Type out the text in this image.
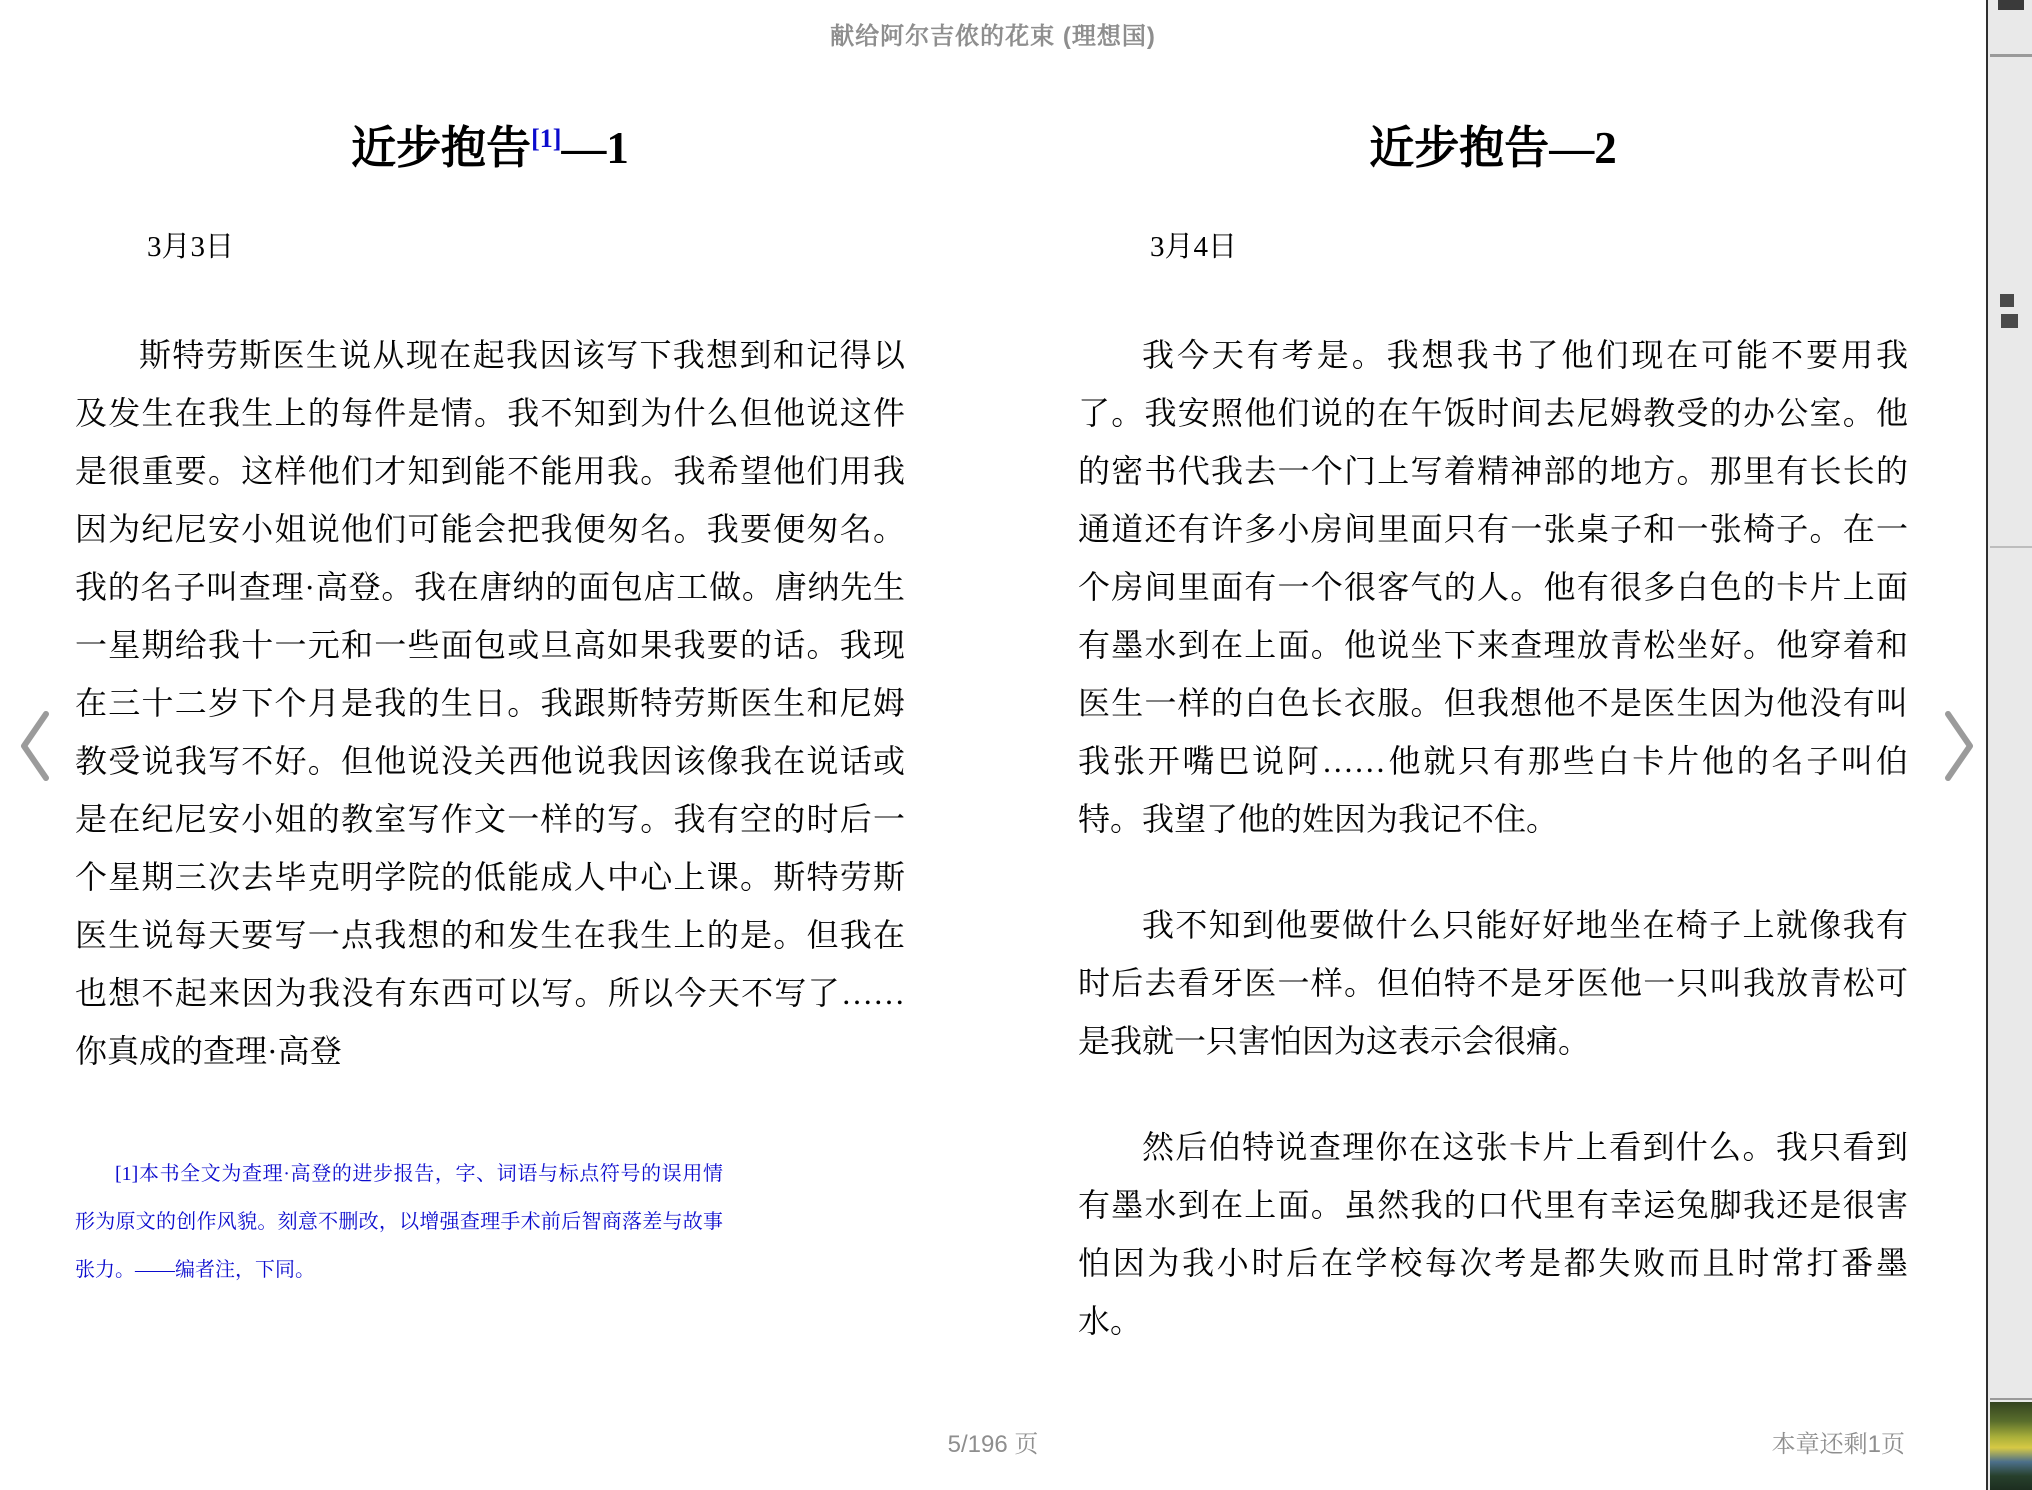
献给阿尔吉侬的花束 (理想国)
近步抱告[1]—1
3月3日

斯特劳斯医生说从现在起我因该写下我想到和记得以及发生在我生上的每件是情。我不知到为什么但他说这件是很重要。这样他们才知到能不能用我。我希望他们用我因为纪尼安小姐说他们可能会把我便匆名。我要便匆名。我的名子叫查理·高登。我在唐纳的面包店工做。唐纳先生一星期给我十一元和一些面包或旦高如果我要的话。我现在三十二岁下个月是我的生日。我跟斯特劳斯医生和尼姆教受说我写不好。但他说没关西他说我因该像我在说话或是在纪尼安小姐的教室写作文一样的写。我有空的时后一个星期三次去毕克明学院的低能成人中心上课。斯特劳斯医生说每天要写一点我想的和发生在我生上的是。但我在也想不起来因为我没有东西可以写。所以今天不写了……你真成的查理·高登

[1]本书全文为查理·高登的进步报告，字、词语与标点符号的误用情形为原文的创作风貌。刻意不删改，以增强查理手术前后智商落差与故事张力。——编者注，下同。
近步抱告—2
3月4日

我今天有考是。我想我书了他们现在可能不要用我了。我安照他们说的在午饭时间去尼姆教受的办公室。他的密书代我去一个门上写着精神部的地方。那里有长长的通道还有许多小房间里面只有一张桌子和一张椅子。在一个房间里面有一个很客气的人。他有很多白色的卡片上面有墨水到在上面。他说坐下来查理放青松坐好。他穿着和医生一样的白色长衣服。但我想他不是医生因为他没有叫我张开嘴巴说阿……他就只有那些白卡片他的名子叫伯特。我望了他的姓因为我记不住。

我不知到他要做什么只能好好地坐在椅子上就像我有时后去看牙医一样。但伯特不是牙医他一只叫我放青松可是我就一只害怕因为这表示会很痛。

然后伯特说查理你在这张卡片上看到什么。我只看到有墨水到在上面。虽然我的口代里有幸运兔脚我还是很害怕因为我小时后在学校每次考是都失败而且时常打番墨水。

5/196 页	本章还剩1页
